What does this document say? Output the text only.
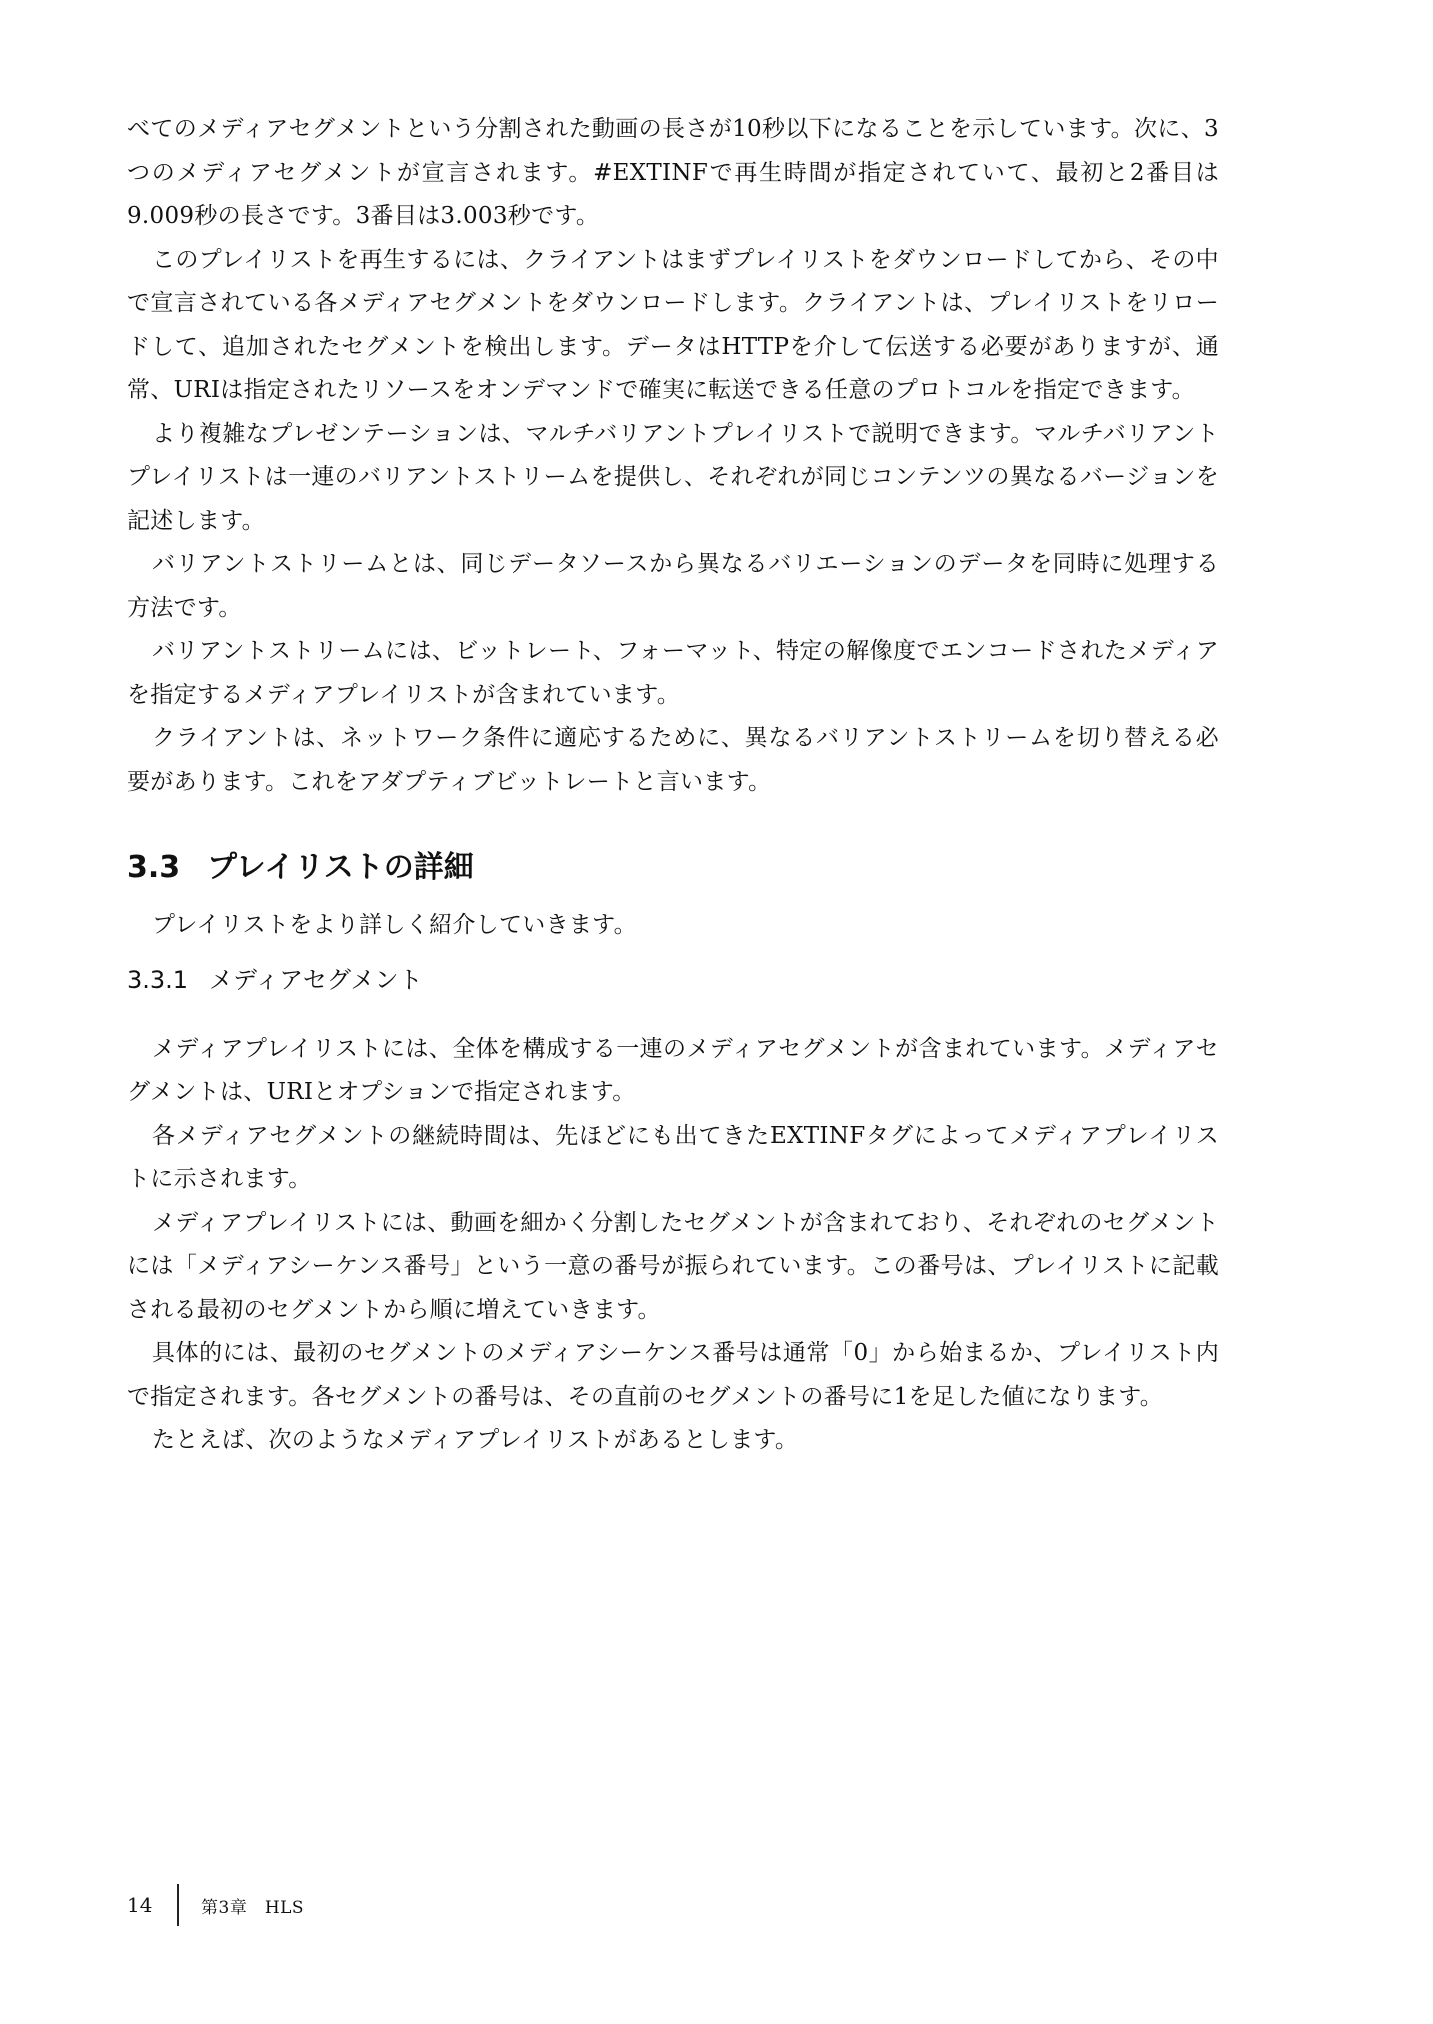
べてのメディアセグメントという分割された動画の長さが10秒以下になることを示しています。次に、3つのメディアセグメントが宣言されます。#EXTINFで再生時間が指定されていて、最初と2番目は9.009秒の長さです。3番目は3.003秒です。

このプレイリストを再生するには、クライアントはまずプレイリストをダウンロードしてから、その中で宣言されている各メディアセグメントをダウンロードします。クライアントは、プレイリストをリロードして、追加されたセグメントを検出します。データはHTTPを介して伝送する必要がありますが、通常、URIは指定されたリソースをオンデマンドで確実に転送できる任意のプロトコルを指定できます。

より複雑なプレゼンテーションは、マルチバリアントプレイリストで説明できます。マルチバリアントプレイリストは一連のバリアントストリームを提供し、それぞれが同じコンテンツの異なるバージョンを記述します。

バリアントストリームとは、同じデータソースから異なるバリエーションのデータを同時に処理する方法です。

バリアントストリームには、ビットレート、フォーマット、特定の解像度でエンコードされたメディアを指定するメディアプレイリストが含まれています。

クライアントは、ネットワーク条件に適応するために、異なるバリアントストリームを切り替える必要があります。これをアダプティブビットレートと言います。

3.3 プレイリストの詳細

プレイリストをより詳しく紹介していきます。

3.3.1 メディアセグメント

メディアプレイリストには、全体を構成する一連のメディアセグメントが含まれています。メディアセグメントは、URIとオプションで指定されます。

各メディアセグメントの継続時間は、先ほどにも出てきたEXTINFタグによってメディアプレイリストに示されます。

メディアプレイリストには、動画を細かく分割したセグメントが含まれており、それぞれのセグメントには「メディアシーケンス番号」という一意の番号が振られています。この番号は、プレイリストに記載される最初のセグメントから順に増えていきます。

具体的には、最初のセグメントのメディアシーケンス番号は通常「0」から始まるか、プレイリスト内で指定されます。各セグメントの番号は、その直前のセグメントの番号に1を足した値になります。

たとえば、次のようなメディアプレイリストがあるとします。

14	第3章　HLS
